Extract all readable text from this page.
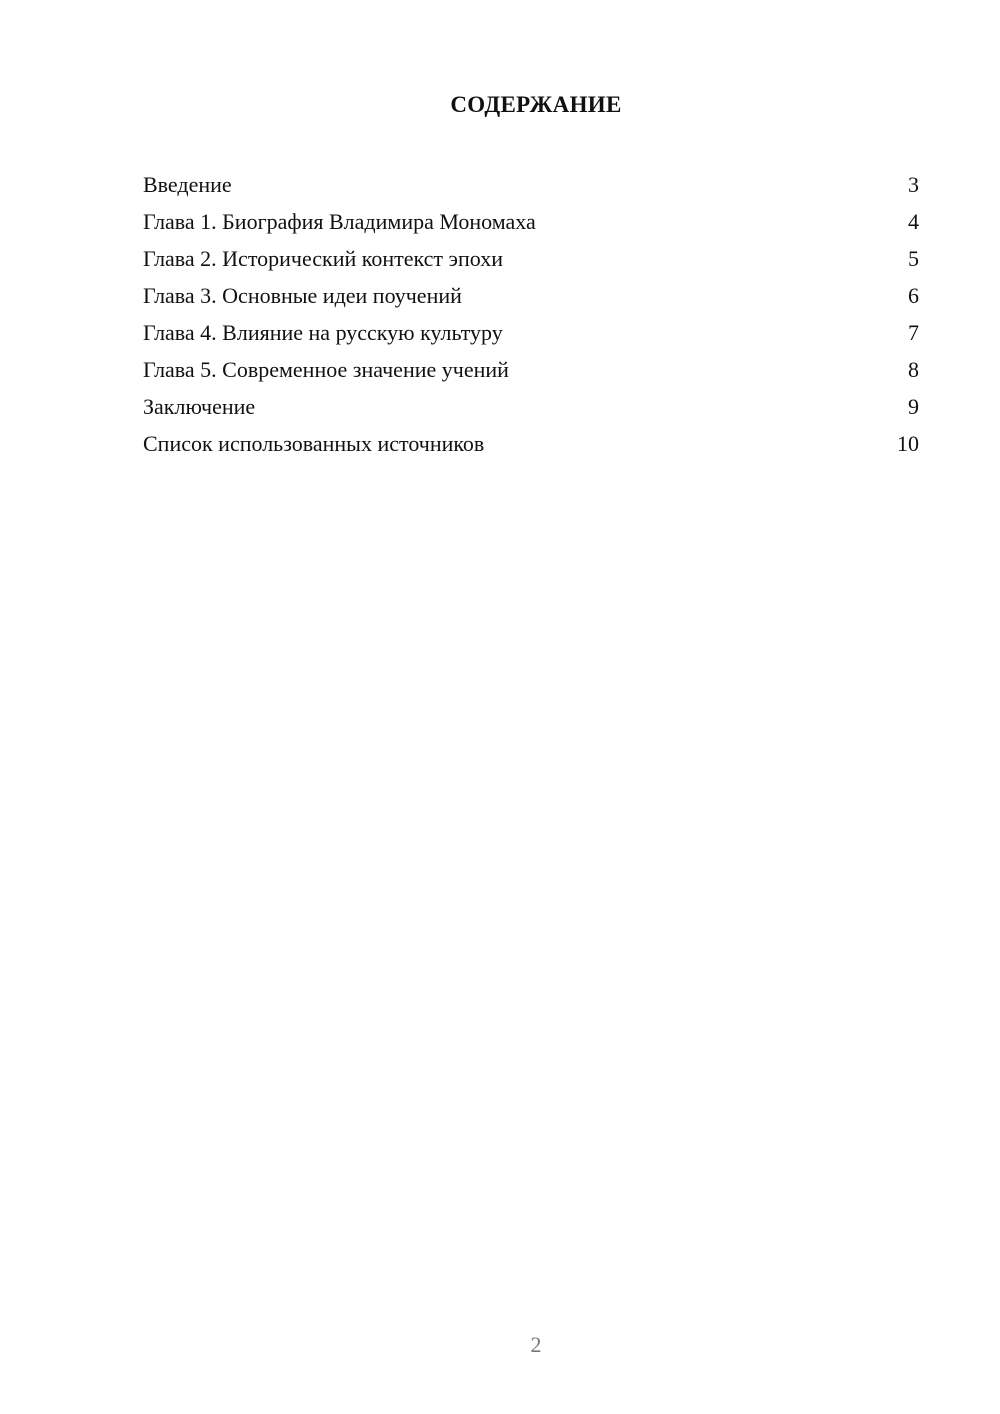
СОДЕРЖАНИЕ
Введение	3
Глава 1. Биография Владимира Мономаха	4
Глава 2. Исторический контекст эпохи	5
Глава 3. Основные идеи поучений	6
Глава 4. Влияние на русскую культуру	7
Глава 5. Современное значение учений	8
Заключение	9
Список использованных источников	10
2
